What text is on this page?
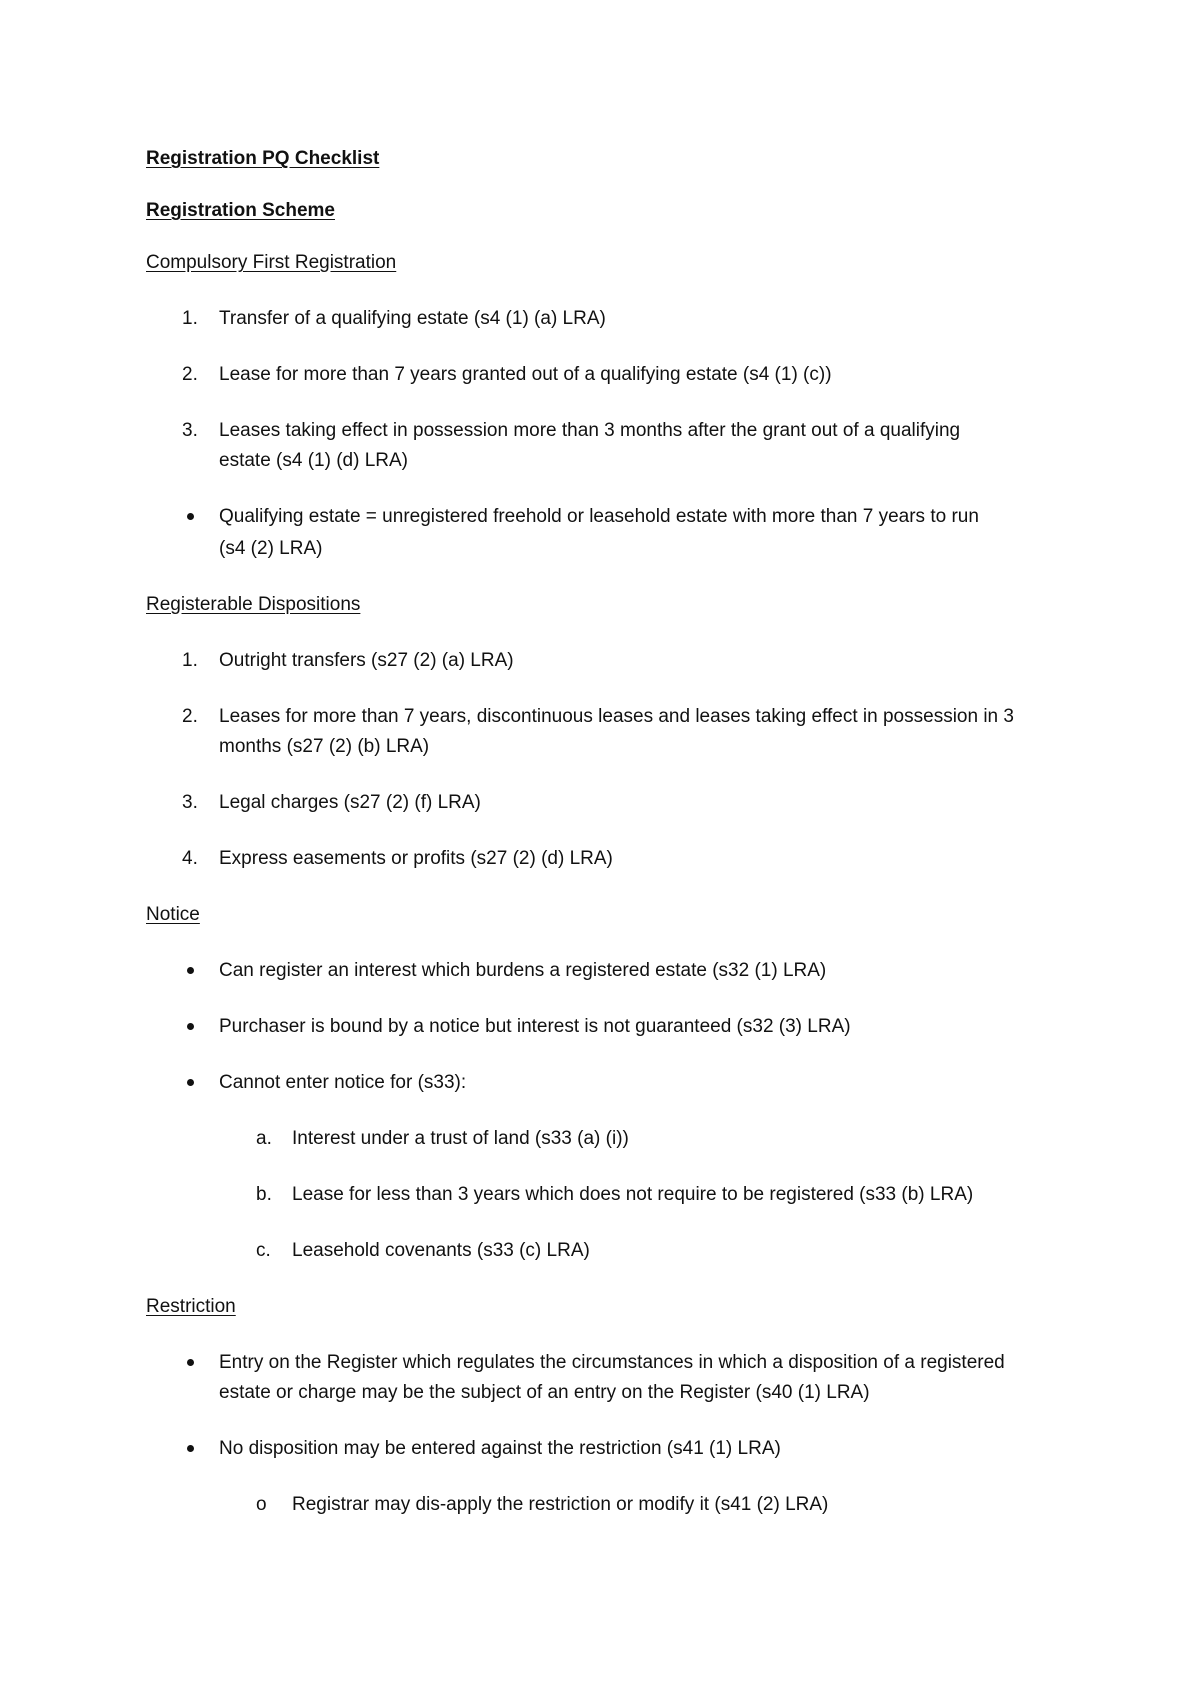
Registration PQ Checklist
Registration Scheme
Compulsory First Registration
1. Transfer of a qualifying estate (s4 (1) (a) LRA)
2. Lease for more than 7 years granted out of a qualifying estate (s4 (1) (c))
3. Leases taking effect in possession more than 3 months after the grant out of a qualifying
estate (s4 (1) (d) LRA)
Qualifying estate = unregistered freehold or leasehold estate with more than 7 years to run
(s4 (2) LRA)
Registerable Dispositions
1. Outright transfers (s27 (2) (a) LRA)
2. Leases for more than 7 years, discontinuous leases and leases taking effect in possession in 3
months (s27 (2) (b) LRA)
3. Legal charges (s27 (2) (f) LRA)
4. Express easements or profits (s27 (2) (d) LRA)
Notice
Can register an interest which burdens a registered estate (s32 (1) LRA)
Purchaser is bound by a notice but interest is not guaranteed (s32 (3) LRA)
Cannot enter notice for (s33):
a. Interest under a trust of land (s33 (a) (i))
b. Lease for less than 3 years which does not require to be registered (s33 (b) LRA)
c. Leasehold covenants (s33 (c) LRA)
Restriction
Entry on the Register which regulates the circumstances in which a disposition of a registered
estate or charge may be the subject of an entry on the Register (s40 (1) LRA)
No disposition may be entered against the restriction (s41 (1) LRA)
o Registrar may dis-apply the restriction or modify it (s41 (2) LRA)
